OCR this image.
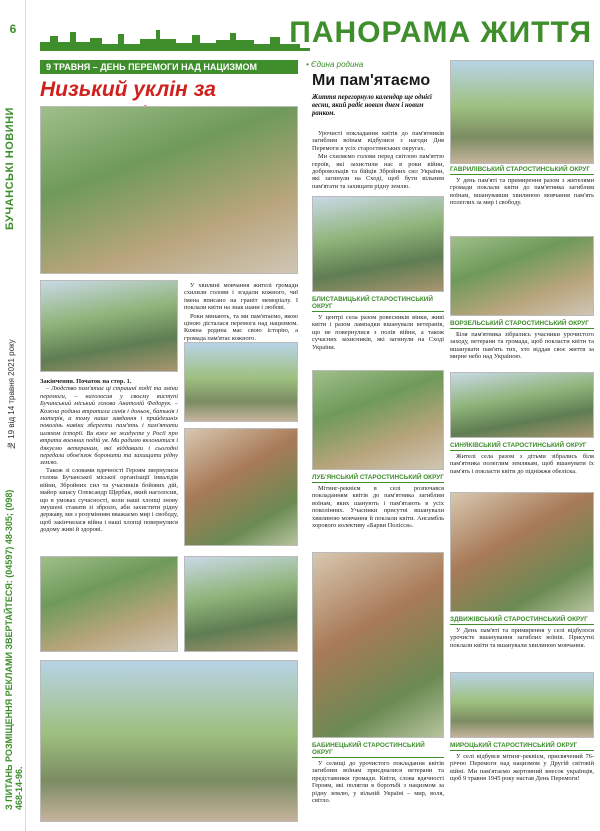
6
БУЧАНСЬКІ НОВИНИ
№ 19 від 14 травня 2021 року
З ПИТАНЬ РОЗМІЩЕННЯ РЕКЛАМИ ЗВЕРТАЙТЕСЯ: (04597) 48-305; (098) 468-14-96.
ПАНОРАМА ЖИТТЯ
9 ТРАВНЯ – ДЕНЬ ПЕРЕМОГИ НАД НАЦИЗМОМ
Низький уклін за

У хвилині мовчання жителі громади схилили голови і згадали кожного, чиї імена вписано на граніт меморіалу. І поклали квіти на знак шани і любові.

Роки минають, та ми пам'ятаємо, якою ціною дісталася перемога над нацизмом. Кожна родина має свою історію, а громада пам'ятає кожного.

Закінчення. Початок на стор. 1.

– Людство пам'ятає ці страшні події та зміни перемоги, – наголосив у своєму виступі Бучанський міський голова Анатолій Федорук. – Кожна родина втратила синів і доньок, батьків і матерів, а тому наше завдання і прийдешніх поколінь навіки зберегти пам'ять і пам'ятати шляхом історії. Ви вже не жадуєте у Росії про втрати воєнних подій ув. Ми радимо вклонитися і дякуємо ветеранам, які віддавали і сьогодні передали обов'язок боронити та захищати рідну землю.

Також зі словами вдячності Героям звернулися голова Бучанської міської організації інвалідів війни, Збройних сил та учасників бойових дій, майор запасу Олександр Щербак, який наголосив, що в умовах сучасності, коли наші хлопці знову змушені ставати зі зброєю, аби захистити рідну державу, ми з розумінням вважаємо мир і свободу, щоб закінчилася війна і наші хлопці повернулися додому живі й здорові.

• Єдина родина
Ми пам'ятаємо
Життя перегорнуло календар ще однієї весни, який радіє новим днем і новим ранком.

Урочисті покладання квітів до пам'ятників загиблим воїнам відбулися з нагоди Дня Перемоги в усіх старостинських округах.

Ми схиляємо голови перед світлою пам'яттю героїв, які захистили нас в роки війни, добровольців та бійців Збройних сил України, які загинули на Сході, щоб бути вільним пам'ятати та захищати рідну землю.

БЛИСТАВИЦЬКИЙ СТАРОСТИНСЬКИЙ ОКРУГ

У центрі села разом ровесників вінки, живі квіти і разом лампадки вшанували ветеранів, що не повернулися з полів війни, а також сучасних захисників, які загинули на Сході України.

ЛУБ'ЯНСЬКИЙ СТАРОСТИНСЬКИЙ ОКРУГ

Мітинг-реквієм в селі розпочався покладанням квітів до пам'ятника загиблим воїнам, яких шанують і пам'ятають в усіх поколіннях. Учасники присутні вшанували хвилиною мовчання й поклали квіти. Ансамбль хорового колективу «Барви Полісся».

БАБИНЕЦЬКИЙ СТАРОСТИНСЬКИЙ ОКРУГ

У селищі до урочистого покладання квітів загиблим воїнам приєдналися ветерани та представники громади. Квіти, слова вдячності Героям, які полягли в боротьбі з нацизмом за рідну землю, у вільній Україні – мир, воля, світло.

ГАВРИЛІВСЬКИЙ СТАРОСТИНСЬКИЙ ОКРУГ

У день пам'яті та примирення разом з жителями громади поклали квіти до пам'ятника загиблим воїнам, вшанувавши хвилиною мовчання пам'ять полеглих за мир і свободу.

ВОРЗЕЛЬСЬКИЙ СТАРОСТИНСЬКИЙ ОКРУГ

Біля пам'ятника зібрались учасники урочистого заходу, ветерани та громада, щоб покласти квіти та вшанувати пам'ять тих, хто віддав своє життя за мирне небо над Україною.

СИНЯКІВСЬКИЙ СТАРОСТИНСЬКИЙ ОКРУГ

Жителі села разом з дітьми зібрались біля пам'ятника полеглим землякам, щоб вшанувати їх пам'ять і покласти квіти до підніжжя обеліска.

ЗДВИЖІВСЬКИЙ СТАРОСТИНСЬКИЙ ОКРУГ

У День пам'яті та примирення у селі відбулося урочисте вшанування загиблих воїнів. Присутні поклали квіти та вшанували хвилиною мовчання.

МИРОЦЬКИЙ СТАРОСТИНСЬКИЙ ОКРУГ

У селі відбувся мітинг-реквієм, присвячений 76-річчю Перемоги над нацизмом у Другій світовій війні. Ми пам'ятаємо жертовний внесок українців, щоб 9 травня 1945 року настав День Перемоги!
